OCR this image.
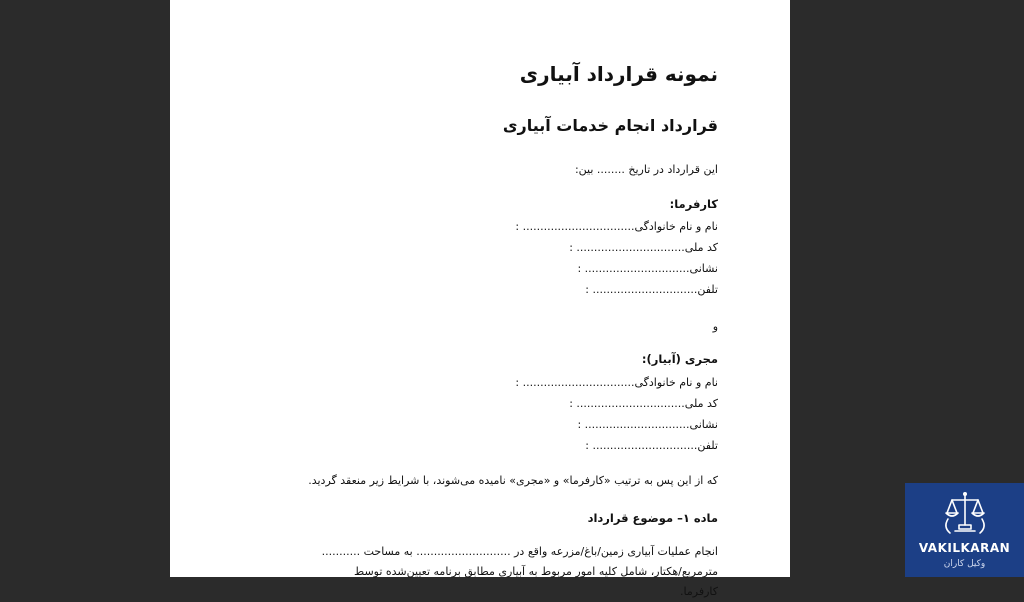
نمونه قرارداد آبیاری
قرارداد انجام خدمات آبیاری

این قرارداد در تاریخ ........ بین:

کارفرما:

نام و نام خانوادگی................................ :

کد ملی............................... :

نشانی.............................. :

تلفن.............................. :

و

مجری (آبیار):

نام و نام خانوادگی................................ :

کد ملی............................... :

نشانی.............................. :

تلفن.............................. :

که از این پس به ترتیب «کارفرما» و «مجری» نامیده می‌شوند، با شرایط زیر منعقد گردید.

ماده ۱– موضوع قرارداد

انجام عملیات آبیاری زمین/باغ/مزرعه واقع در ........................... به مساحت ........... مترمربع/هکتار، شامل کلیه امور مربوط به آبیاری مطابق برنامه تعیین‌شده توسط کارفرما.

VAKILKARAN
وکیل کاران
